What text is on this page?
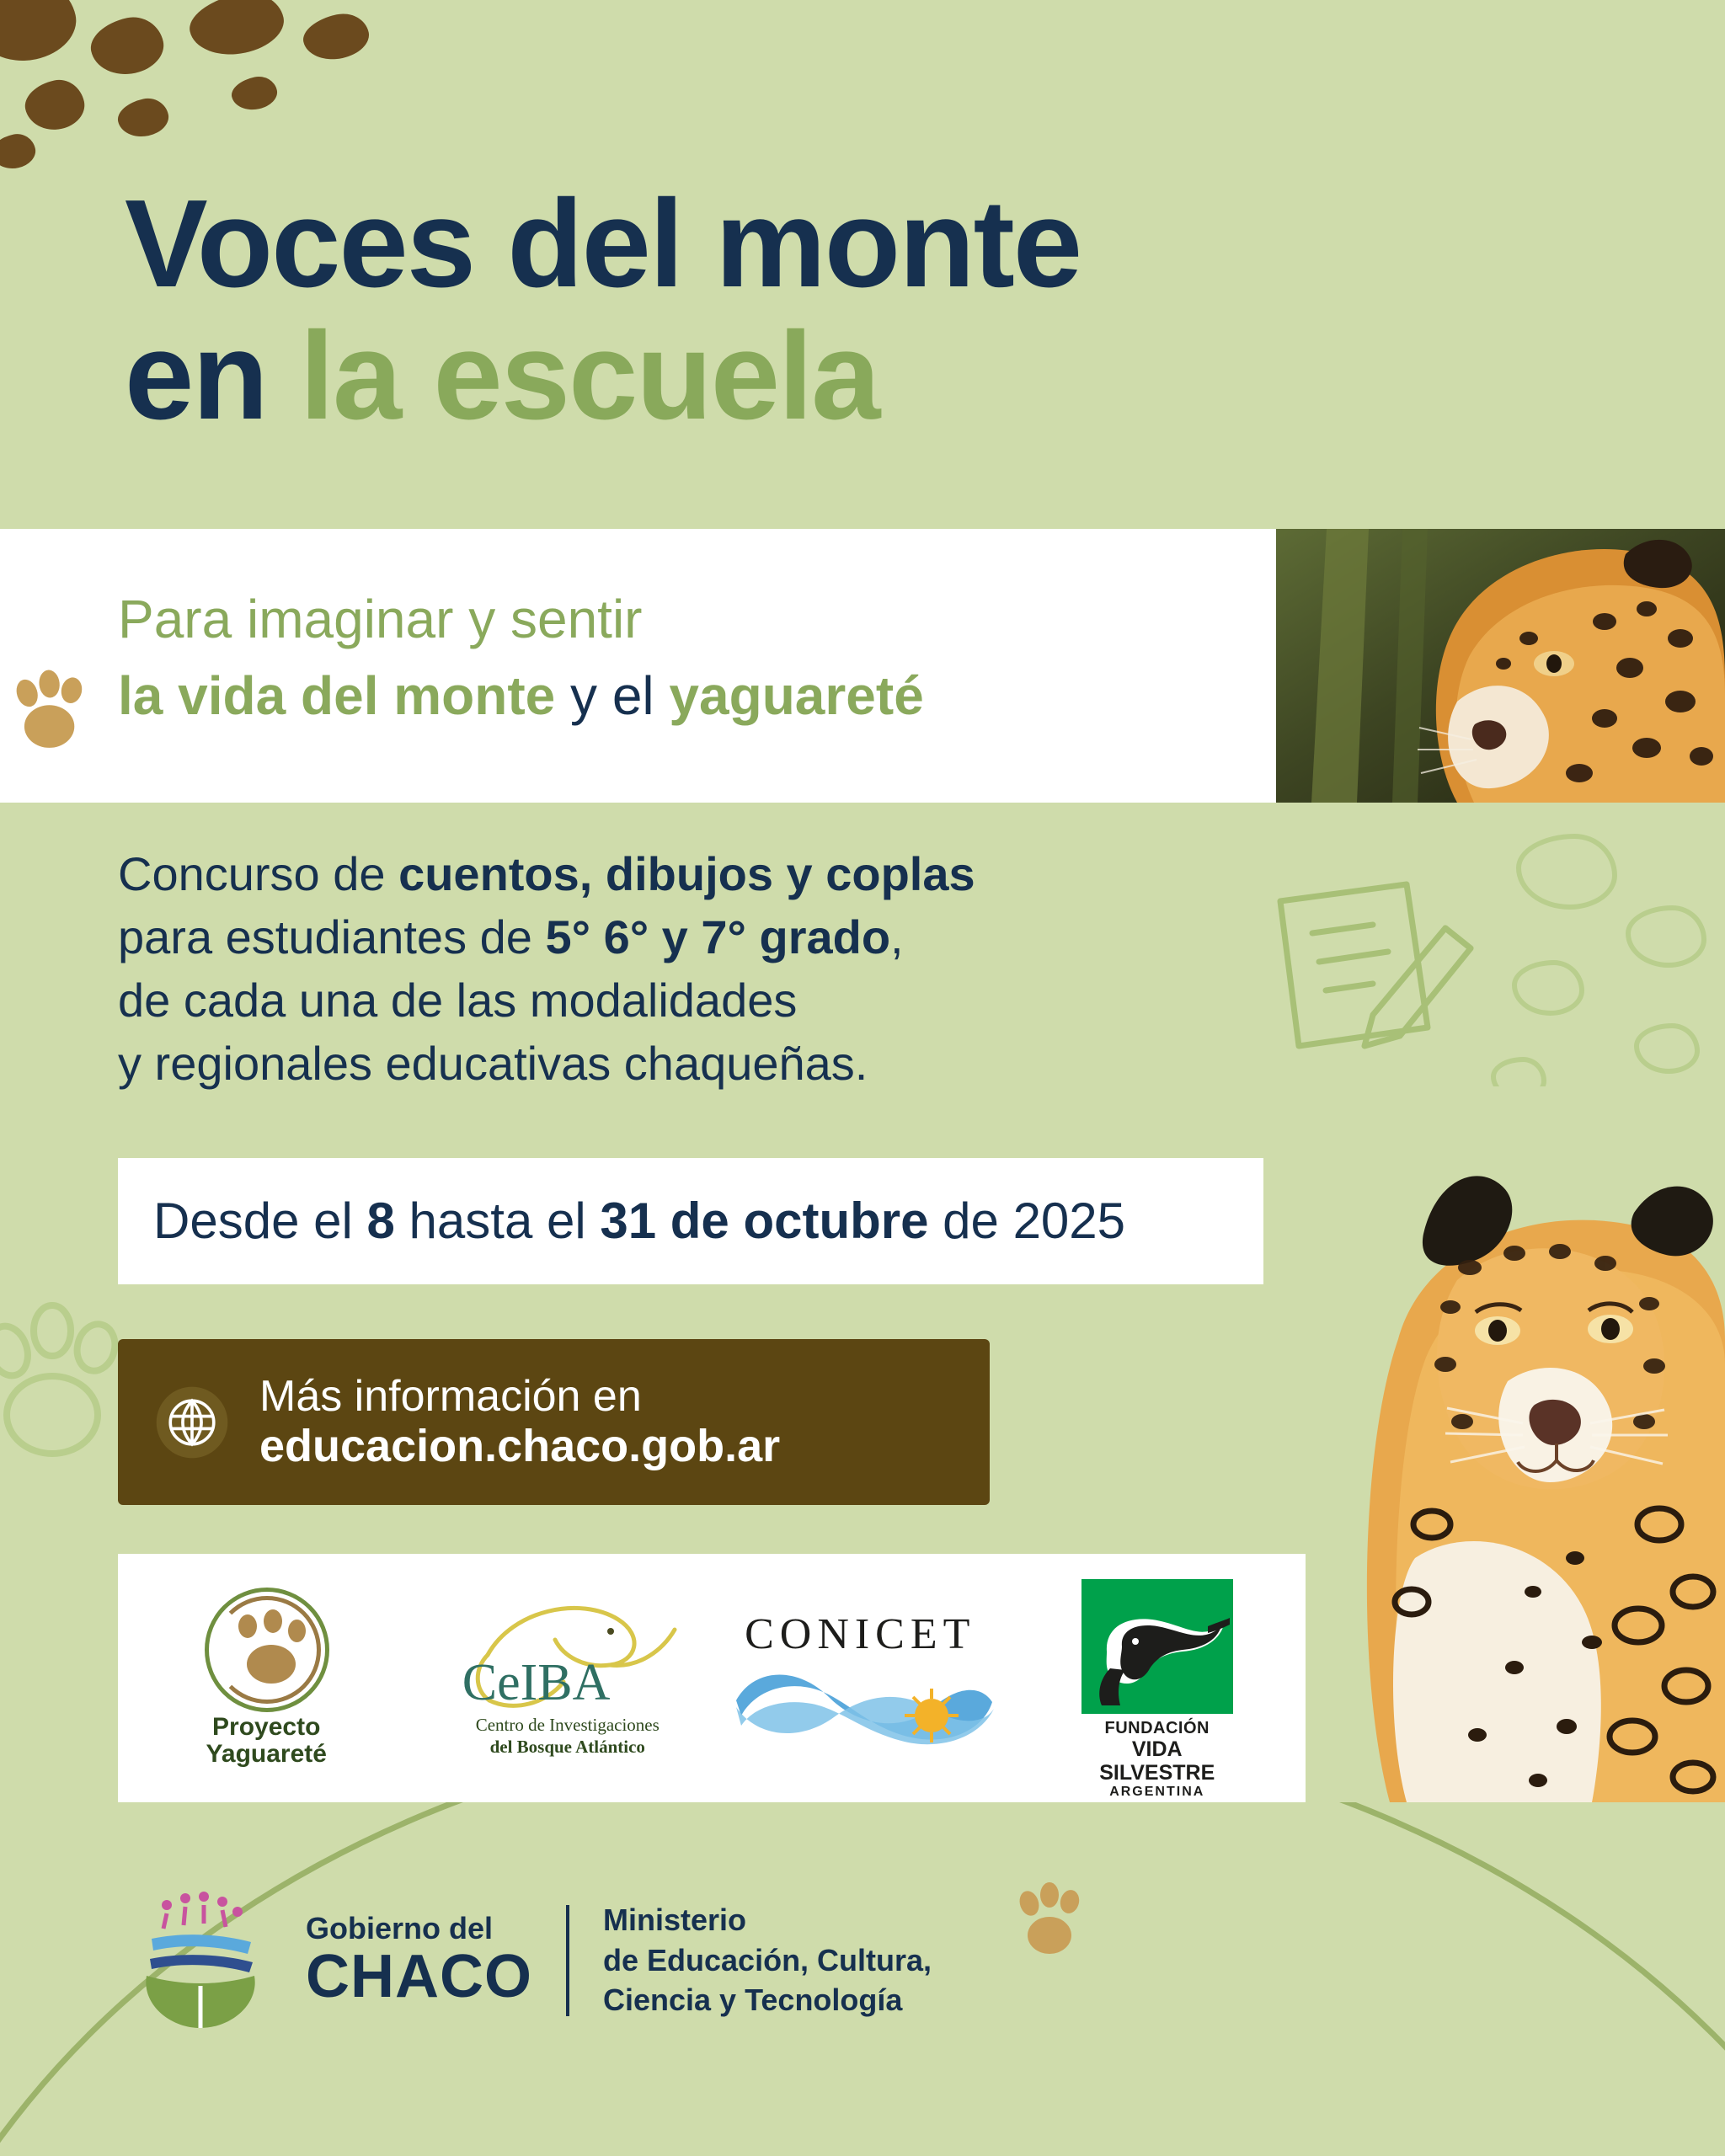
Voces del monte
en la escuela
Para imaginar y sentir
la vida del monte y el yaguareté
Concurso de cuentos, dibujos y coplas
para estudiantes de 5° 6° y 7° grado,
de cada una de las modalidades
y regionales educativas chaqueñas.
Desde el 8 hasta el 31 de octubre de 2025
Más información en
educacion.chaco.gob.ar
Proyecto
Yaguareté
CeIBA
Centro de Investigaciones
del Bosque Atlántico
CONICET
FUNDACIÓN
VIDA SILVESTRE
ARGENTINA
Gobierno del
CHACO
Ministerio
de Educación, Cultura,
Ciencia y Tecnología
